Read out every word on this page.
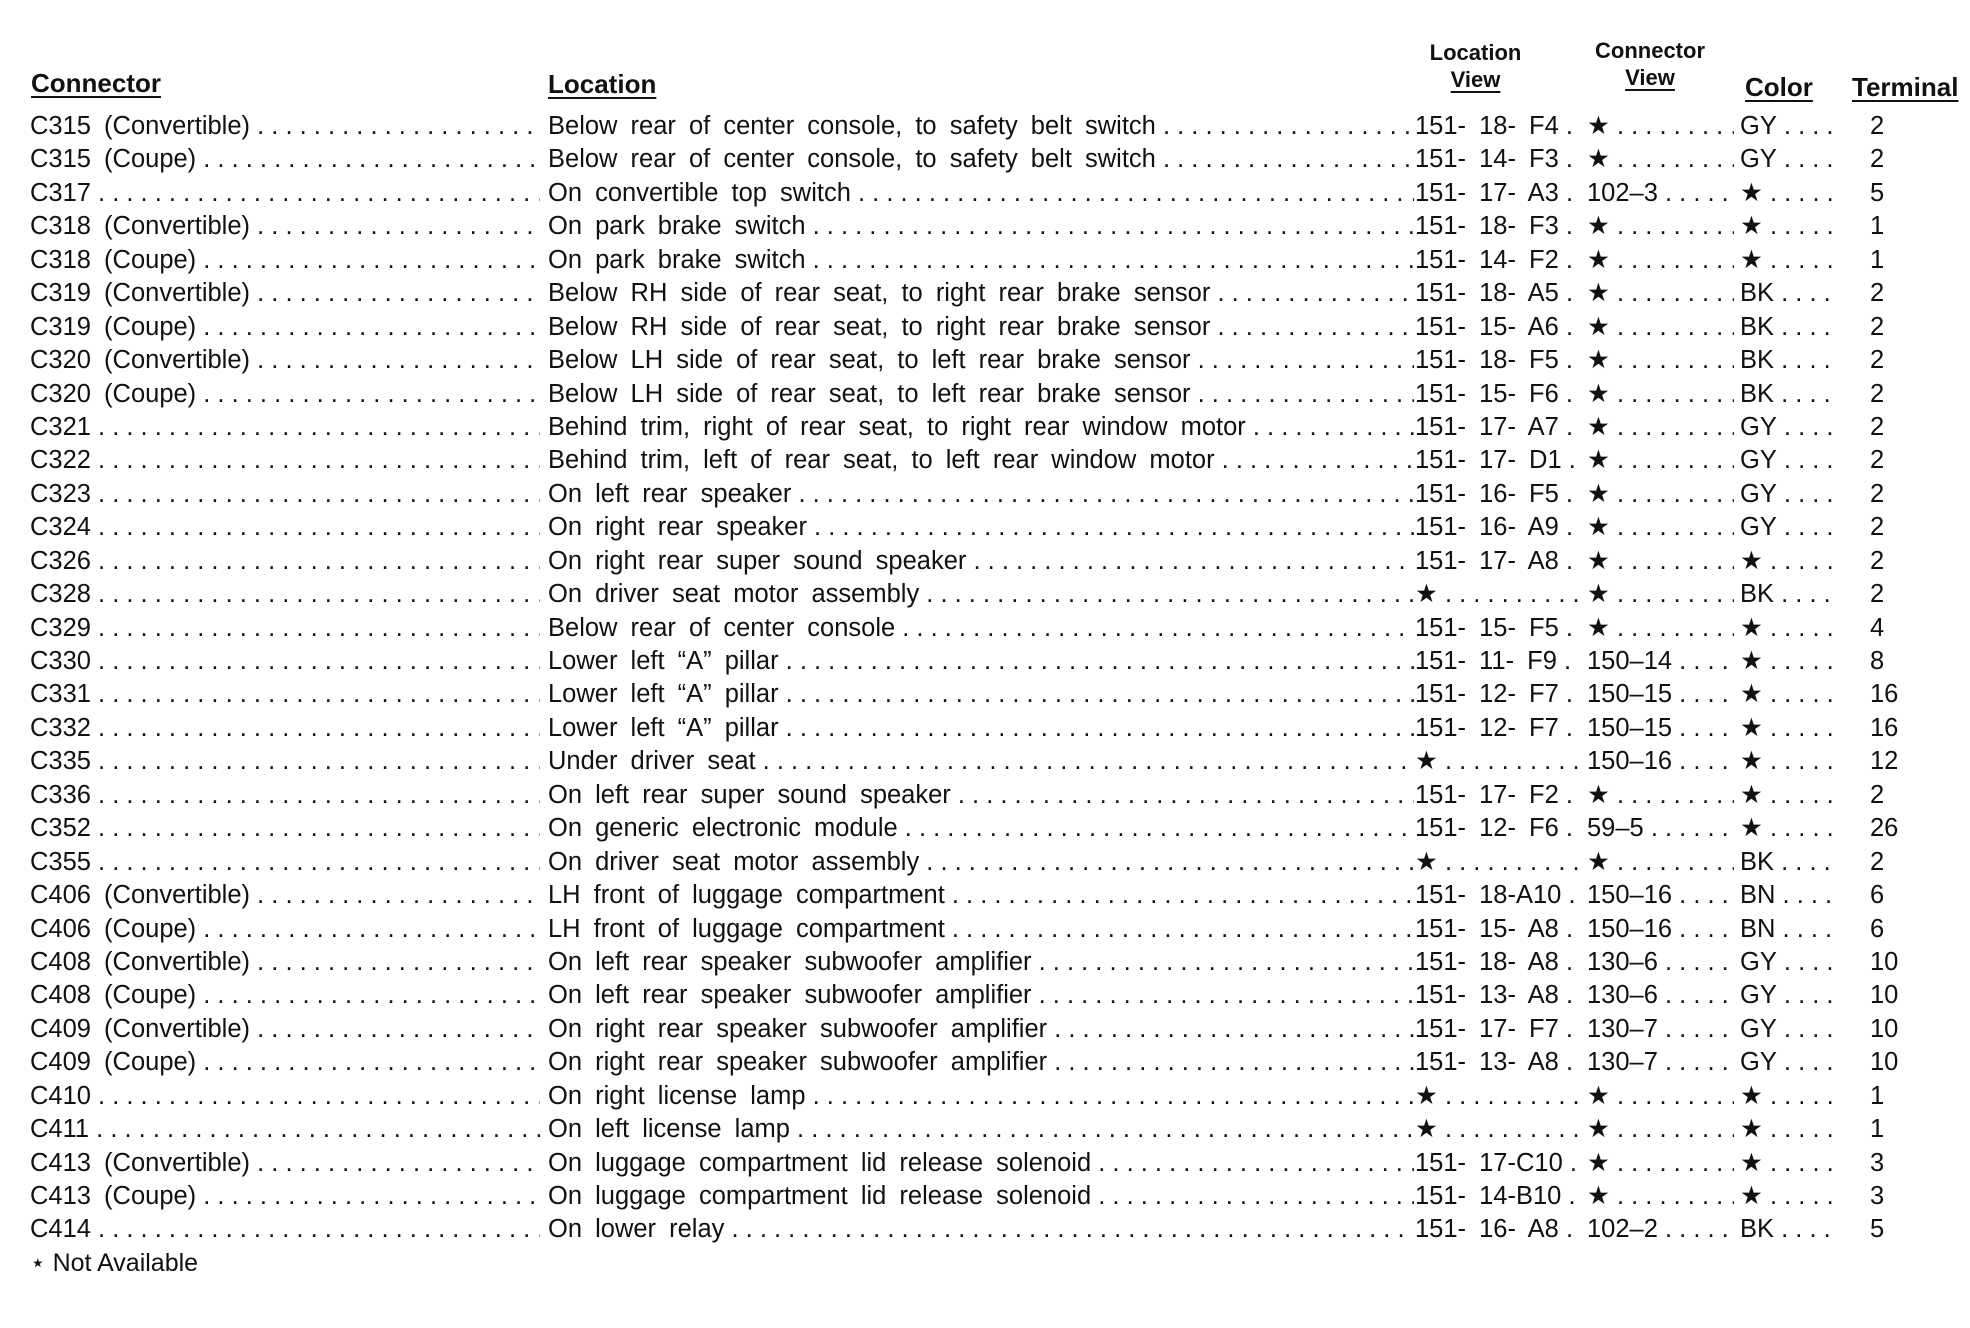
Connector	Location
Location
View
Connector
View	Color Terminal
C315 (Convertible) . . .	Below rear of center console, to safety belt switch . . .	151- 18- F4 . . .	★ . . .	GY . . .	2
C315 (Coupe) . . .	Below rear of center console, to safety belt switch . . .	151- 14- F3 . . .	★ . . .	GY . . .	2
C317 . . .	On convertible top switch . . .	151- 17- A3 . . .	102–3 . . .	★ . . .	5
C318 (Convertible) . . .	On park brake switch . . .	151- 18- F3 . . .	★ . . .	★ . . .	1
C318 (Coupe) . . .	On park brake switch . . .	151- 14- F2 . . .	★ . . .	★ . . .	1
C319 (Convertible) . . .	Below RH side of rear seat, to right rear brake sensor . . .	151- 18- A5 . . .	★ . . .	BK . . .	2
C319 (Coupe) . . .	Below RH side of rear seat, to right rear brake sensor . . .	151- 15- A6 . . .	★ . . .	BK . . .	2
C320 (Convertible) . . .	Below LH side of rear seat, to left rear brake sensor . . .	151- 18- F5 . . .	★ . . .	BK . . .	2
C320 (Coupe) . . .	Below LH side of rear seat, to left rear brake sensor . . .	151- 15- F6 . . .	★ . . .	BK . . .	2
C321 . . .	Behind trim, right of rear seat, to right rear window motor . . .	151- 17- A7 . . .	★ . . .	GY . . .	2
C322 . . .	Behind trim, left of rear seat, to left rear window motor . . .	151- 17- D1 . . . ★ . . .	GY . . .	2
C323 . . .	On left rear speaker . . .	151- 16- F5 . . .	★ . . .	GY . . .	2
C324 . . .	On right rear speaker . . .	151- 16- A9 . . .	★ . . .	GY . . .	2
C326 . . .	On right rear super sound speaker . . .	151- 17- A8 . . .	★ . . .	★ . . .	2
C328 . . .	On driver seat motor assembly . . .	★ . . .	★ . . .	BK . . .	2
C329 . . .	Below rear of center console . . .	151- 15- F5 . . .	★ . . .	★ . . .	4
C330 . . .	Lower left “A” pillar . . .	151- 11- F9 . . .	150–14 . . .	★ . . .	8
C331 . . .	Lower left “A” pillar . . .	151- 12- F7 . . .	150–15 . . .	★ . . .	16
C332 . . .	Lower left “A” pillar . . .	151- 12- F7 . . .	150–15 . . .	★ . . .	16
C335 . . .	Under driver seat . . .	★ . . .	150–16 . . .	★ . . .	12
C336 . . .	On left rear super sound speaker . . .	151- 17- F2 . . .	★ . . .	★ . . .	2
C352 . . .	On generic electronic module . . .	151- 12- F6 . . .	59–5 . . .	★ . . .	26
C355 . . .	On driver seat motor assembly . . .	★ . . .	★ . . .	BK . . .	2
C406 (Convertible) . . .	LH front of luggage compartment . . .	151- 18-A10 . . .	150–16 . . .	BN . . .	6
C406 (Coupe) . . .	LH front of luggage compartment . . .	151- 15- A8 . . .	150–16 . . .	BN . . .	6
C408 (Convertible) . . .	On left rear speaker subwoofer amplifier . . .	151- 18- A8 . . .	130–6 . . .	GY . . .	10
C408 (Coupe) . . .	On left rear speaker subwoofer amplifier . . .	151- 13- A8 . . .	130–6 . . .	GY . . .	10
C409 (Convertible) . . .	On right rear speaker subwoofer amplifier . . .	151- 17- F7 . . .	130–7 . . .	GY . . .	10
C409 (Coupe) . . .	On right rear speaker subwoofer amplifier . . .	151- 13- A8 . . .	130–7 . . .	GY . . .	10
C410 . . .	On right license lamp . . .	★ . . .	★ . . .	★ . . .	1
C411 . . .	On left license lamp . . .	★ . . .	★ . . .	★ . . .	1
C413 (Convertible) . . .	On luggage compartment lid release solenoid . . .	151- 17-C10 . . . ★ . . .	★ . . .	3
C413 (Coupe) . . .	On luggage compartment lid release solenoid . . .	151- 14-B10 . . .	★ . . .	★ . . .	3
C414 . . .	On lower relay . . .	151- 16- A8 . . .	102–2 . . .	BK . . .	5
⋆ Not Available
